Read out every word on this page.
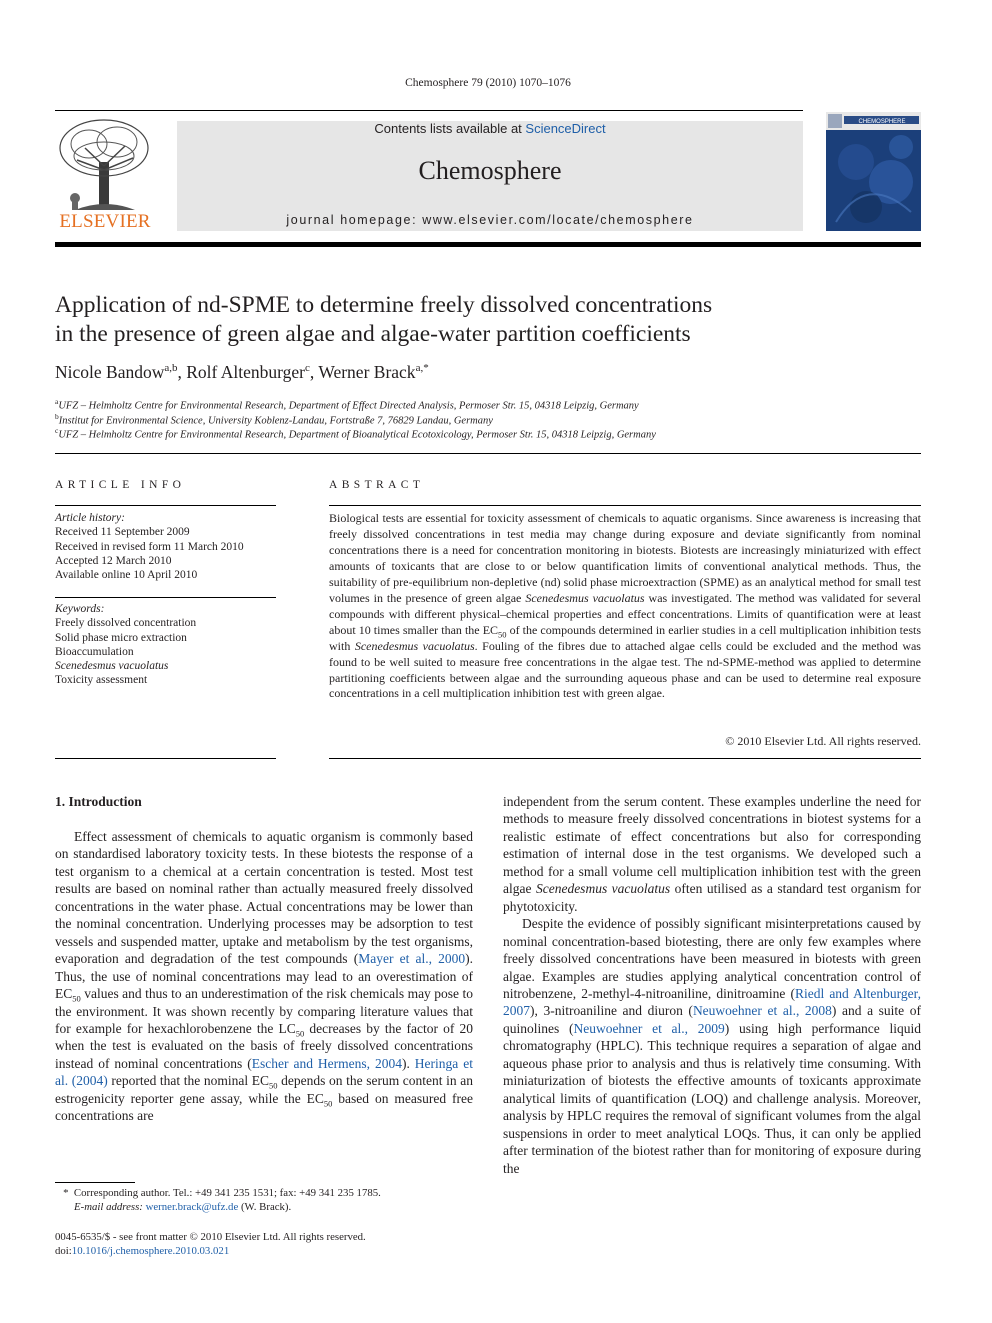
Chemosphere 79 (2010) 1070–1076
ELSEVIER
Contents lists available at ScienceDirect
Chemosphere
journal homepage: www.elsevier.com/locate/chemosphere
CHEMOSPHERE
Application of nd-SPME to determine freely dissolved concentrations
in the presence of green algae and algae-water partition coefficients
Nicole Bandow$^{a,b}$, Rolf Altenburger$^c$, Werner Brack$^{a,*}$
$^a$UFZ – Helmholtz Centre for Environmental Research, Department of Effect Directed Analysis, Permoser Str. 15, 04318 Leipzig, Germany
$^b$Institut for Environmental Science, University Koblenz-Landau, Fortstraße 7, 76829 Landau, Germany
$^c$UFZ – Helmholtz Centre for Environmental Research, Department of Bioanalytical Ecotoxicology, Permoser Str. 15, 04318 Leipzig, Germany
ARTICLE INFO
Article history:
Received 11 September 2009
Received in revised form 11 March 2010
Accepted 12 March 2010
Available online 10 April 2010
Keywords:
Freely dissolved concentration
Solid phase micro extraction
Bioaccumulation
Scenedesmus vacuolatus
Toxicity assessment
ABSTRACT
Biological tests are essential for toxicity assessment of chemicals to aquatic organisms. Since awareness is increasing that freely dissolved concentrations in test media may change during exposure and deviate significantly from nominal concentrations there is a need for concentration monitoring in biotests. Biotests are increasingly miniaturized with effect amounts of toxicants that are close to or below quantification limits of conventional analytical methods. Thus, the suitability of pre-equilibrium non-depletive (nd) solid phase microextraction (SPME) as an analytical method for small test volumes in the presence of green algae Scenedesmus vacuolatus was investigated. The method was validated for several compounds with different physical–chemical properties and effect concentrations. Limits of quantification were at least about 10 times smaller than the $EC_{50}$ of the compounds determined in earlier studies in a cell multiplication inhibition tests with Scenedesmus vacuolatus. Fouling of the fibres due to attached algae cells could be excluded and the method was found to be well suited to measure free concentrations in the algae test. The nd-SPME-method was applied to determine partitioning coefficients between algae and the surrounding aqueous phase and can be used to determine real exposure concentrations in a cell multiplication inhibition test with green algae.
© 2010 Elsevier Ltd. All rights reserved.
1. Introduction

Effect assessment of chemicals to aquatic organism is commonly based on standardised laboratory toxicity tests. In these biotests the response of a test organism to a chemical at a certain concentration is tested. Most test results are based on nominal rather than actually measured freely dissolved concentrations in the water phase. Actual concentrations may be lower than the nominal concentration. Underlying processes may be adsorption to test vessels and suspended matter, uptake and metabolism by the test organisms, evaporation and degradation of the test compounds (Mayer et al., 2000). Thus, the use of nominal concentrations may lead to an overestimation of $EC_{50}$ values and thus to an underestimation of the risk chemicals may pose to the environment. It was shown recently by comparing literature values that for example for hexachlorobenzene the $LC_{50}$ decreases by the factor of 20 when the test is evaluated on the basis of freely dissolved concentrations instead of nominal concentrations (Escher and Hermens, 2004). Heringa et al. (2004) reported that the nominal $EC_{50}$ depends on the serum content in an estrogenicity reporter gene assay, while the $EC_{50}$ based on measured free concentrations are

independent from the serum content. These examples underline the need for methods to measure freely dissolved concentrations in biotest systems for a realistic estimate of effect concentrations but also for corresponding estimation of internal dose in the test organisms. We developed such a method for a small volume cell multiplication inhibition test with the green algae Scenedesmus vacuolatus often utilised as a standard test organism for phytotoxicity.

Despite the evidence of possibly significant misinterpretations caused by nominal concentration-based biotesting, there are only few examples where freely dissolved concentrations have been measured in biotests with green algae. Examples are studies applying analytical concentration control of nitrobenzene, 2-methyl-4-nitroaniline, dinitroamine (Riedl and Altenburger, 2007), 3-nitroaniline and diuron (Neuwoehner et al., 2008) and a suite of quinolines (Neuwoehner et al., 2009) using high performance liquid chromatography (HPLC). This technique requires a separation of algae and aqueous phase prior to analysis and thus is relatively time consuming. With miniaturization of biotests the effective amounts of toxicants approximate analytical limits of quantification (LOQ) and challenge analysis. Moreover, analysis by HPLC requires the removal of significant volumes from the algal suspensions in order to meet analytical LOQs. Thus, it can only be applied after termination of the biotest rather than for monitoring of exposure during the

* Corresponding author. Tel.: +49 341 235 1531; fax: +49 341 235 1785.
E-mail address: werner.brack@ufz.de (W. Brack).
0045-6535/$ - see front matter © 2010 Elsevier Ltd. All rights reserved.
doi:10.1016/j.chemosphere.2010.03.021
